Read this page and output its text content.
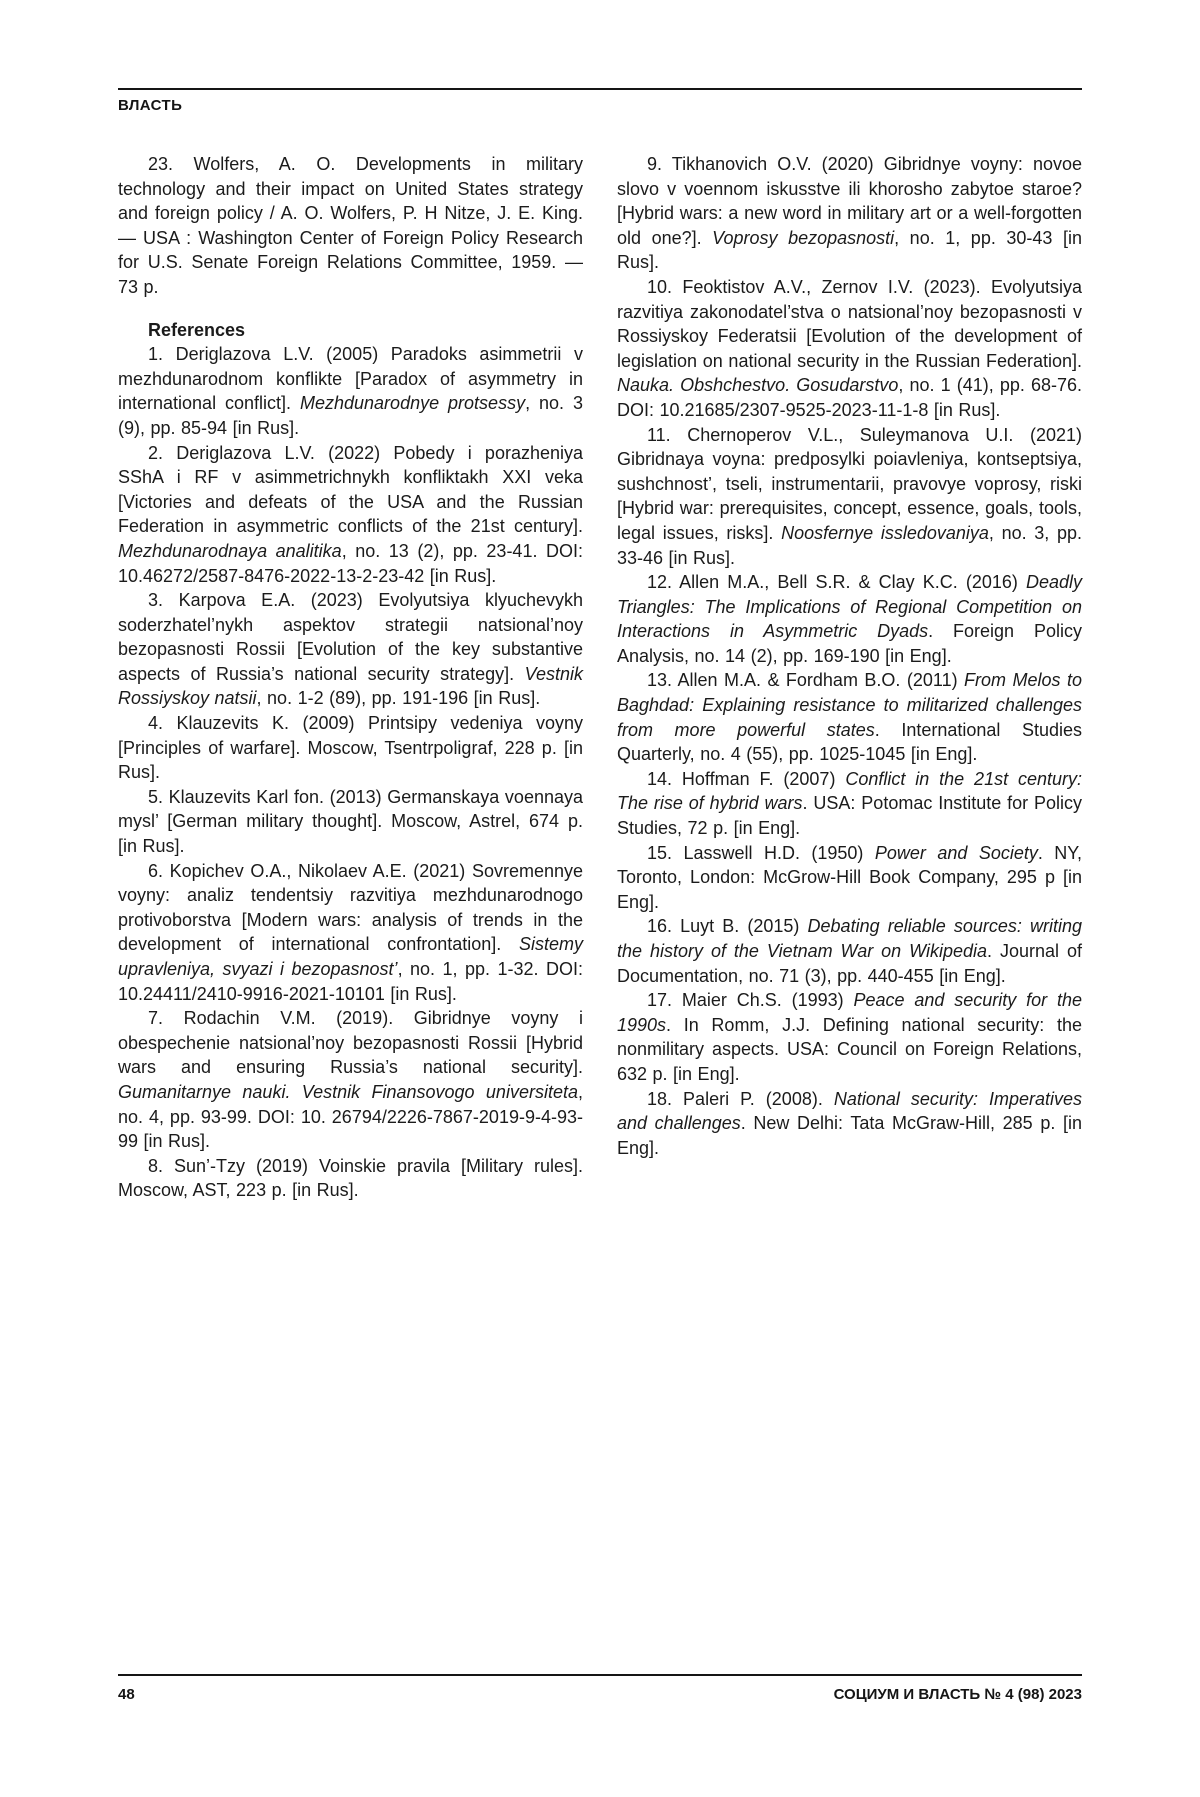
ВЛАСТЬ

23. Wolfers, A. O. Developments in military technology and their impact on United States strategy and foreign policy / A. O. Wolfers, P. H Nitze, J. E. King. — USA : Washington Center of Foreign Policy Research for U.S. Senate Foreign Relations Committee, 1959. — 73 p.

References

1. Deriglazova L.V. (2005) Paradoks asimmetrii v mezhdunarodnom konflikte [Paradox of asymmetry in international conflict]. Mezhdunarodnye protsessy, no. 3 (9), pp. 85-94 [in Rus].

2. Deriglazova L.V. (2022) Pobedy i porazheniya SShA i RF v asimmetrichnykh konfliktakh XXI veka [Victories and defeats of the USA and the Russian Federation in asymmetric conflicts of the 21st century]. Mezhdunarodnaya analitika, no. 13 (2), pp. 23-41. DOI: 10.46272/2587-8476-2022-13-2-23-42 [in Rus].

3. Karpova E.A. (2023) Evolyutsiya klyuchevykh soderzhatel’nykh aspektov strategii natsional’noy bezopasnosti Rossii [Evolution of the key substantive aspects of Russia’s national security strategy]. Vestnik Rossiyskoy natsii, no. 1-2 (89), pp. 191-196 [in Rus].

4. Klauzevits K. (2009) Printsipy vedeniya voyny [Principles of warfare]. Moscow, Tsentrpoligraf, 228 p. [in Rus].

5. Klauzevits Karl fon. (2013) Germanskaya voennaya mysl’ [German military thought]. Moscow, Astrel, 674 p. [in Rus].

6. Kopichev O.A., Nikolaev A.E. (2021) Sovremennye voyny: analiz tendentsiy razvitiya mezhdunarodnogo protivoborstva [Modern wars: analysis of trends in the development of international confrontation]. Sistemy upravleniya, svyazi i bezopasnost’, no. 1, pp. 1-32. DOI: 10.24411/2410-9916-2021-10101 [in Rus].

7. Rodachin V.M. (2019). Gibridnye voyny i obespechenie natsional’noy bezopasnosti Rossii [Hybrid wars and ensuring Russia’s national security]. Gumanitarnye nauki. Vestnik Finansovogo universiteta, no. 4, pp. 93-99. DOI: 10. 26794/2226-7867-2019-9-4-93-99 [in Rus].

8. Sun’-Tzy (2019) Voinskie pravila [Military rules]. Moscow, AST, 223 p. [in Rus].

9. Tikhanovich O.V. (2020) Gibridnye voyny: novoe slovo v voennom iskusstve ili khorosho zabytoe staroe? [Hybrid wars: a new word in military art or a well-forgotten old one?]. Voprosy bezopasnosti, no. 1, pp. 30-43 [in Rus].

10. Feoktistov A.V., Zernov I.V. (2023). Evolyutsiya razvitiya zakonodatel’stva o natsional’noy bezopasnosti v Rossiyskoy Federatsii [Evolution of the development of legislation on national security in the Russian Federation]. Nauka. Obshchestvo. Gosudarstvo, no. 1 (41), pp. 68-76. DOI: 10.21685/2307-9525-2023-11-1-8 [in Rus].

11. Chernoperov V.L., Suleymanova U.I. (2021) Gibridnaya voyna: predposylki poiavleniya, kontseptsiya, sushchnost’, tseli, instrumentarii, pravovye voprosy, riski [Hybrid war: prerequisites, concept, essence, goals, tools, legal issues, risks]. Noosfernye issledovaniya, no. 3, pp. 33-46 [in Rus].

12. Allen M.A., Bell S.R. & Clay K.C. (2016) Deadly Triangles: The Implications of Regional Competition on Interactions in Asymmetric Dyads. Foreign Policy Analysis, no. 14 (2), pp. 169-190 [in Eng].

13. Allen M.A. & Fordham B.O. (2011) From Melos to Baghdad: Explaining resistance to militarized challenges from more powerful states. International Studies Quarterly, no. 4 (55), pp. 1025-1045 [in Eng].

14. Hoffman F. (2007) Conflict in the 21st century: The rise of hybrid wars. USA: Potomac Institute for Policy Studies, 72 p. [in Eng].

15. Lasswell H.D. (1950) Power and Society. NY, Toronto, London: McGrow-Hill Book Company, 295 p [in Eng].

16. Luyt B. (2015) Debating reliable sources: writing the history of the Vietnam War on Wikipedia. Journal of Documentation, no. 71 (3), pp. 440-455 [in Eng].

17. Maier Ch.S. (1993) Peace and security for the 1990s. In Romm, J.J. Defining national security: the nonmilitary aspects. USA: Council on Foreign Relations, 632 p. [in Eng].

18. Paleri P. (2008). National security: Imperatives and challenges. New Delhi: Tata McGraw-Hill, 285 p. [in Eng].

48	СОЦИУМ И ВЛАСТЬ № 4 (98) 2023
